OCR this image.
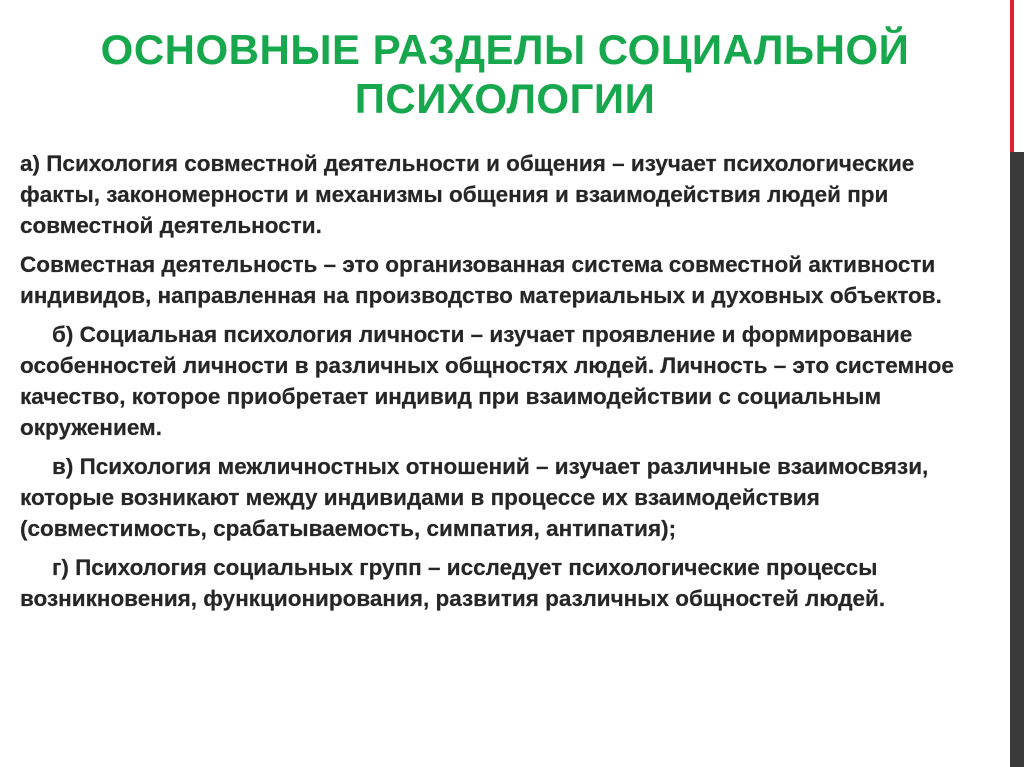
ОСНОВНЫЕ РАЗДЕЛЫ СОЦИАЛЬНОЙ ПСИХОЛОГИИ

а) Психология совместной деятельности и общения – изучает психологические факты, закономерности и механизмы общения и взаимодействия людей при совместной деятельности.

Совместная деятельность – это организованная система совместной активности индивидов, направленная на производство материальных и духовных объектов.

б) Социальная психология личности – изучает проявление и формирование особенностей личности в различных общностях людей. Личность – это системное качество, которое приобретает индивид при взаимодействии с социальным окружением.

в) Психология межличностных отношений – изучает различные взаимосвязи, которые возникают между индивидами в процессе их взаимодействия (совместимость, срабатываемость, симпатия, антипатия);

г) Психология социальных групп – исследует психологические процессы возникновения, функционирования, развития различных общностей людей.
